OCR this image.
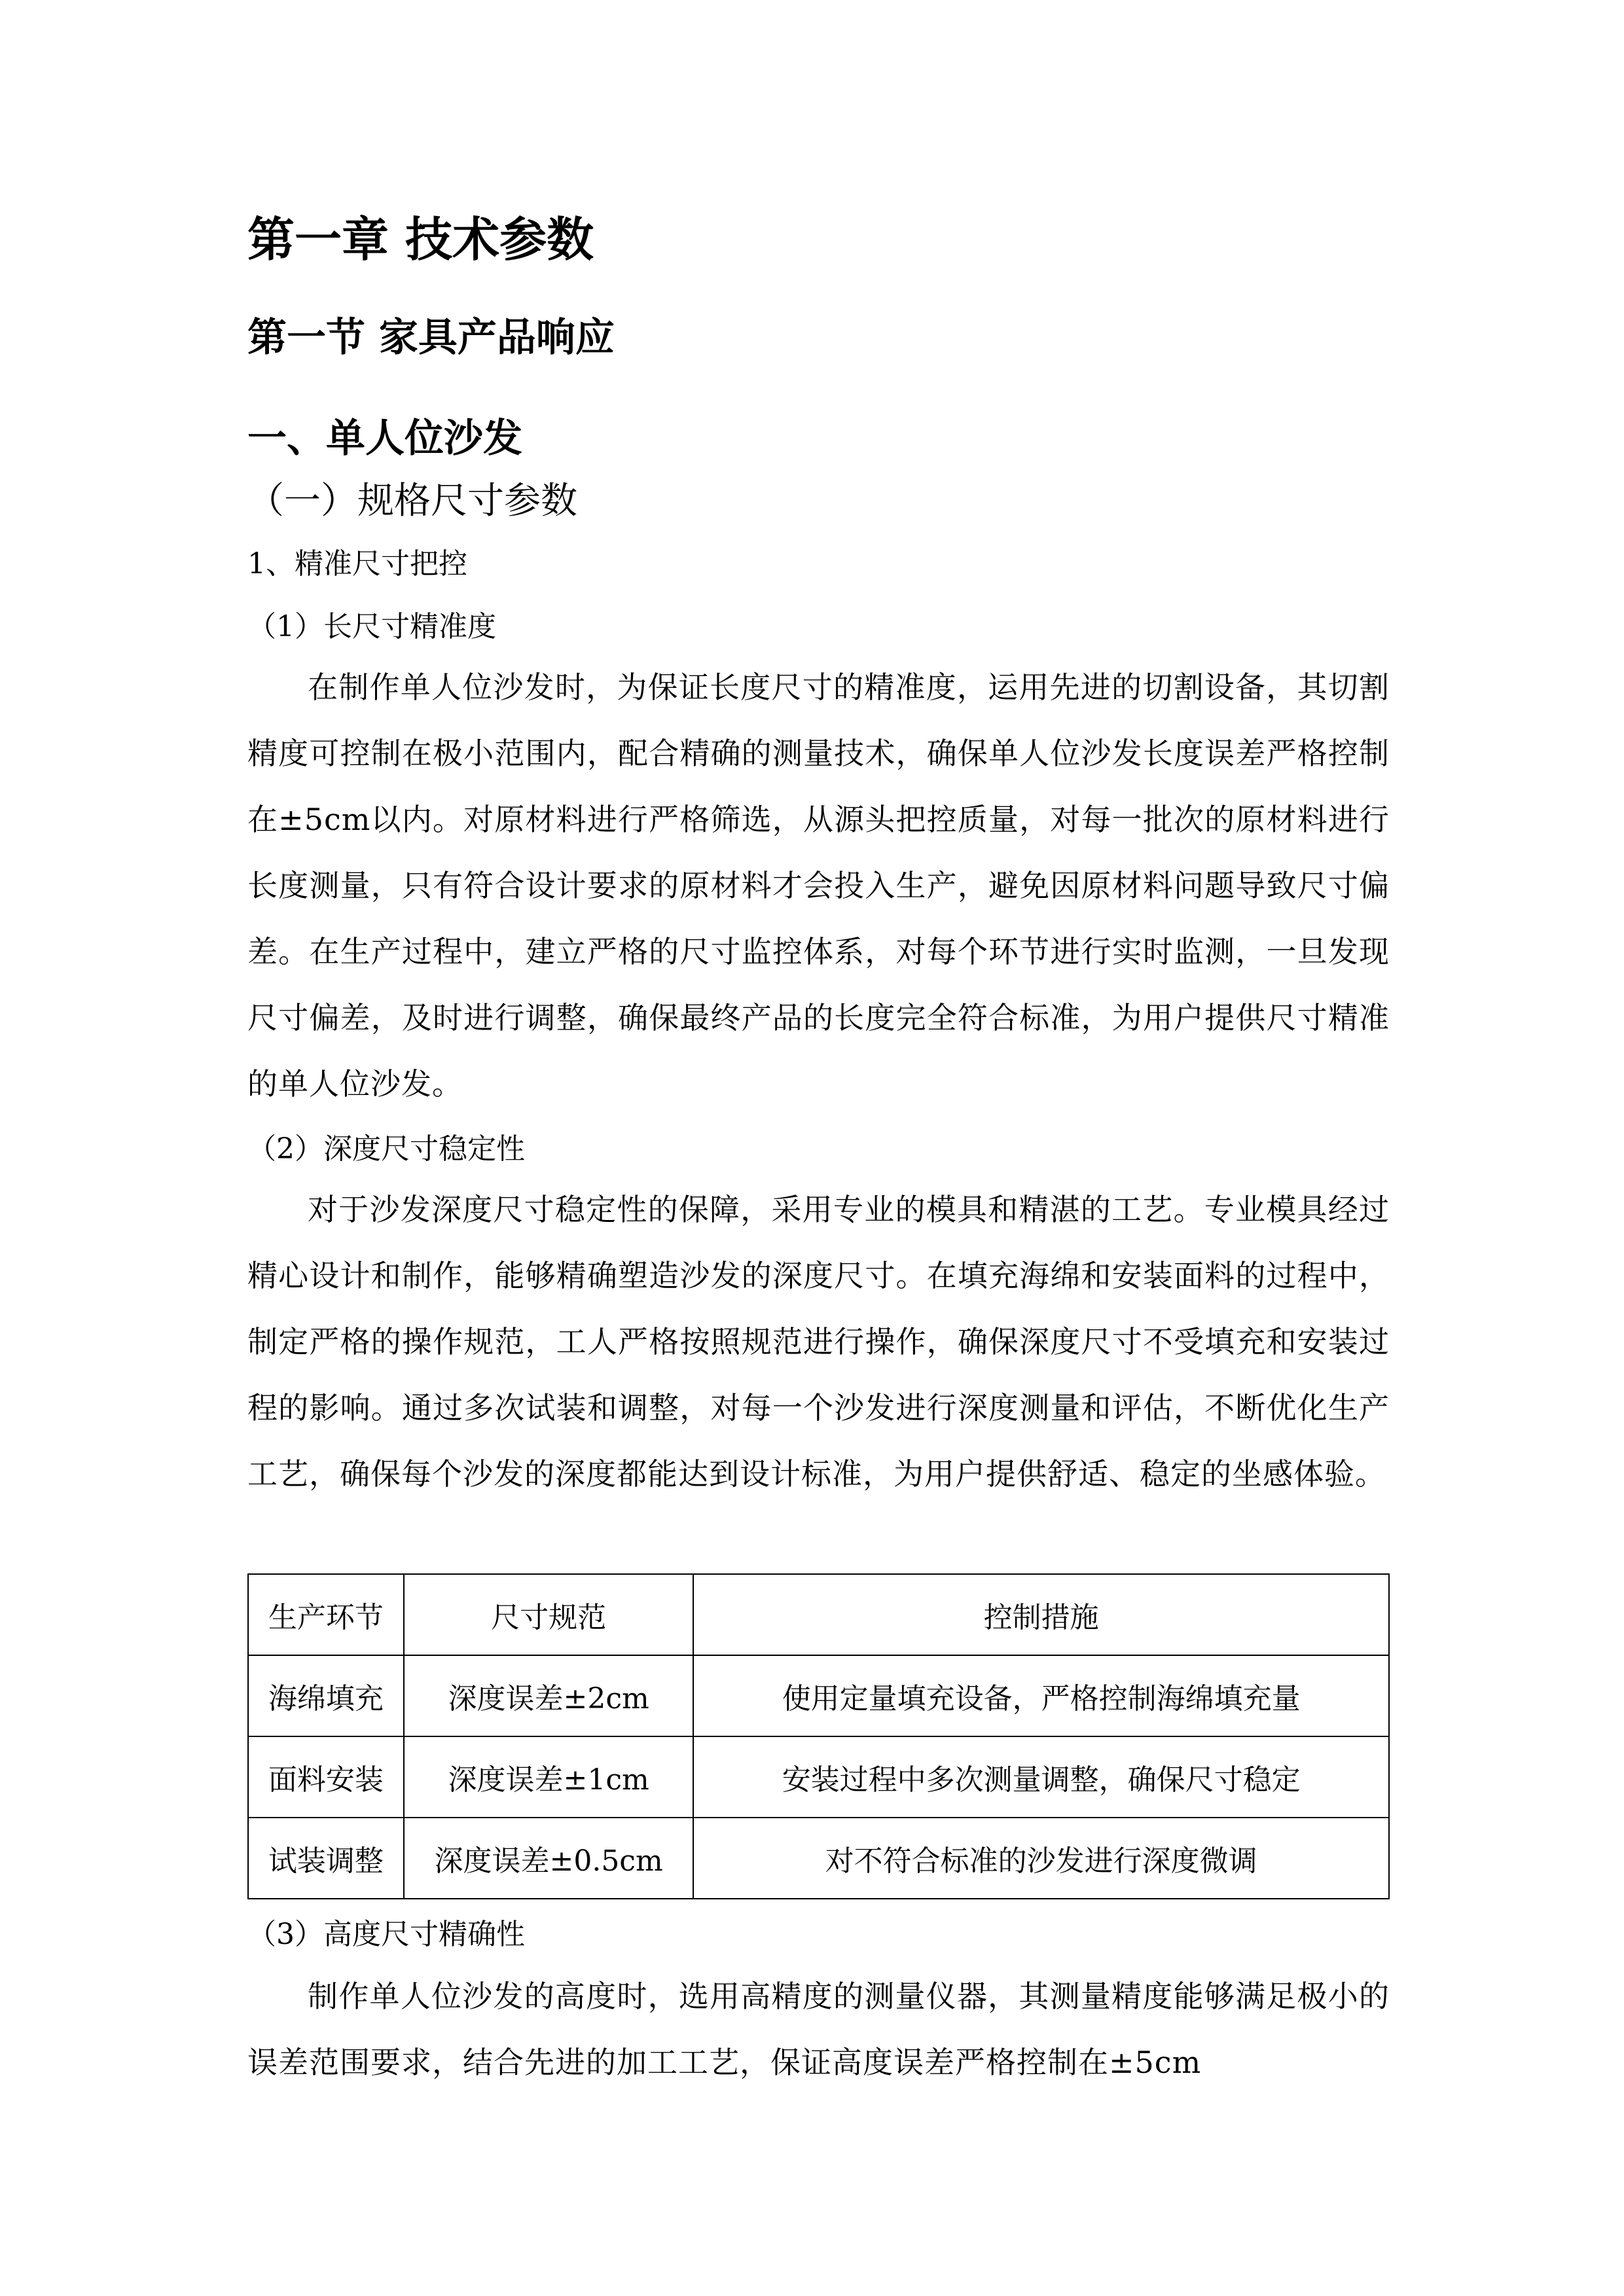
第一章 技术参数
第一节 家具产品响应
一、单人位沙发
（一）规格尺寸参数
1、精准尺寸把控
（1）长尺寸精准度
在制作单人位沙发时，为保证长度尺寸的精准度，运用先进的切割设备，其切割精度可控制在极小范围内，配合精确的测量技术，确保单人位沙发长度误差严格控制在±5cm以内。对原材料进行严格筛选，从源头把控质量，对每一批次的原材料进行长度测量，只有符合设计要求的原材料才会投入生产，避免因原材料问题导致尺寸偏差。在生产过程中，建立严格的尺寸监控体系，对每个环节进行实时监测，一旦发现尺寸偏差，及时进行调整，确保最终产品的长度完全符合标准，为用户提供尺寸精准的单人位沙发。
（2）深度尺寸稳定性
对于沙发深度尺寸稳定性的保障，采用专业的模具和精湛的工艺。专业模具经过精心设计和制作，能够精确塑造沙发的深度尺寸。在填充海绵和安装面料的过程中，制定严格的操作规范，工人严格按照规范进行操作，确保深度尺寸不受填充和安装过程的影响。通过多次试装和调整，对每一个沙发进行深度测量和评估，不断优化生产工艺，确保每个沙发的深度都能达到设计标准，为用户提供舒适、稳定的坐感体验。
生产环节	尺寸规范	控制措施
海绵填充	深度误差±2cm	使用定量填充设备，严格控制海绵填充量
面料安装	深度误差±1cm	安装过程中多次测量调整，确保尺寸稳定
试装调整	深度误差±0.5cm	对不符合标准的沙发进行深度微调
（3）高度尺寸精确性
制作单人位沙发的高度时，选用高精度的测量仪器，其测量精度能够满足极小的误差范围要求，结合先进的加工工艺，保证高度误差严格控制在±5cm
